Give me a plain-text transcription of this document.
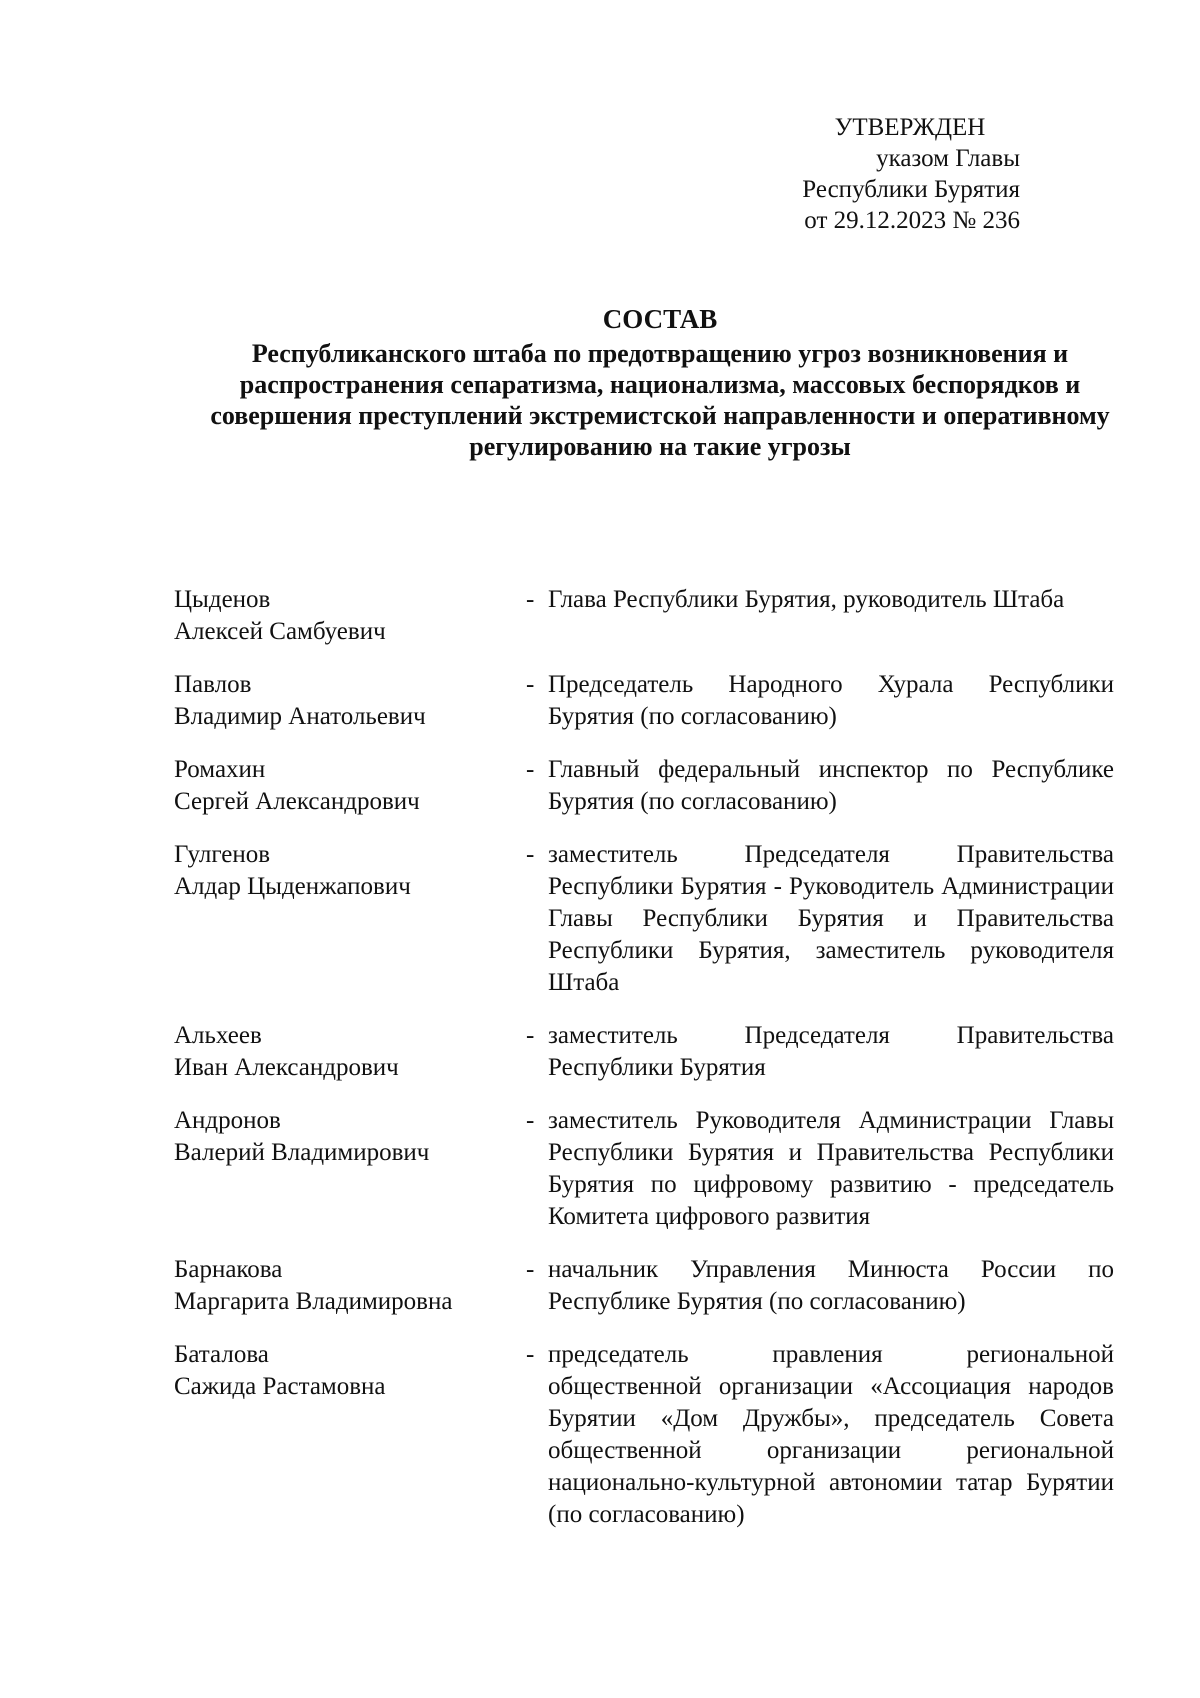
УТВЕРЖДЕН
указом Главы
Республики Бурятия
от 29.12.2023 № 236
СОСТАВ
Республиканского штаба по предотвращению угроз возникновения и распространения сепаратизма, национализма, массовых беспорядков и совершения преступлений экстремистской направленности и оперативному регулированию на такие угрозы
Цыденов
Алексей Самбуевич
- Глава Республики Бурятия, руководитель Штаба
Павлов
Владимир Анатольевич
- Председатель Народного Хурала Республики Бурятия (по согласованию)
Ромахин
Сергей Александрович
- Главный федеральный инспектор по Республике Бурятия (по согласованию)
Гулгенов
Алдар Цыденжапович
- заместитель Председателя Правительства Республики Бурятия - Руководитель Администрации Главы Республики Бурятия и Правительства Республики Бурятия, заместитель руководителя Штаба
Альхеев
Иван Александрович
- заместитель Председателя Правительства Республики Бурятия
Андронов
Валерий Владимирович
- заместитель Руководителя Администрации Главы Республики Бурятия и Правительства Республики Бурятия по цифровому развитию - председатель Комитета цифрового развития
Барнакова
Маргарита Владимировна
- начальник Управления Минюста России по Республике Бурятия (по согласованию)
Баталова
Сажида Растамовна
- председатель правления региональной общественной организации «Ассоциация народов Бурятии «Дом Дружбы», председатель Совета общественной организации региональной национально-культурной автономии татар Бурятии (по согласованию)
